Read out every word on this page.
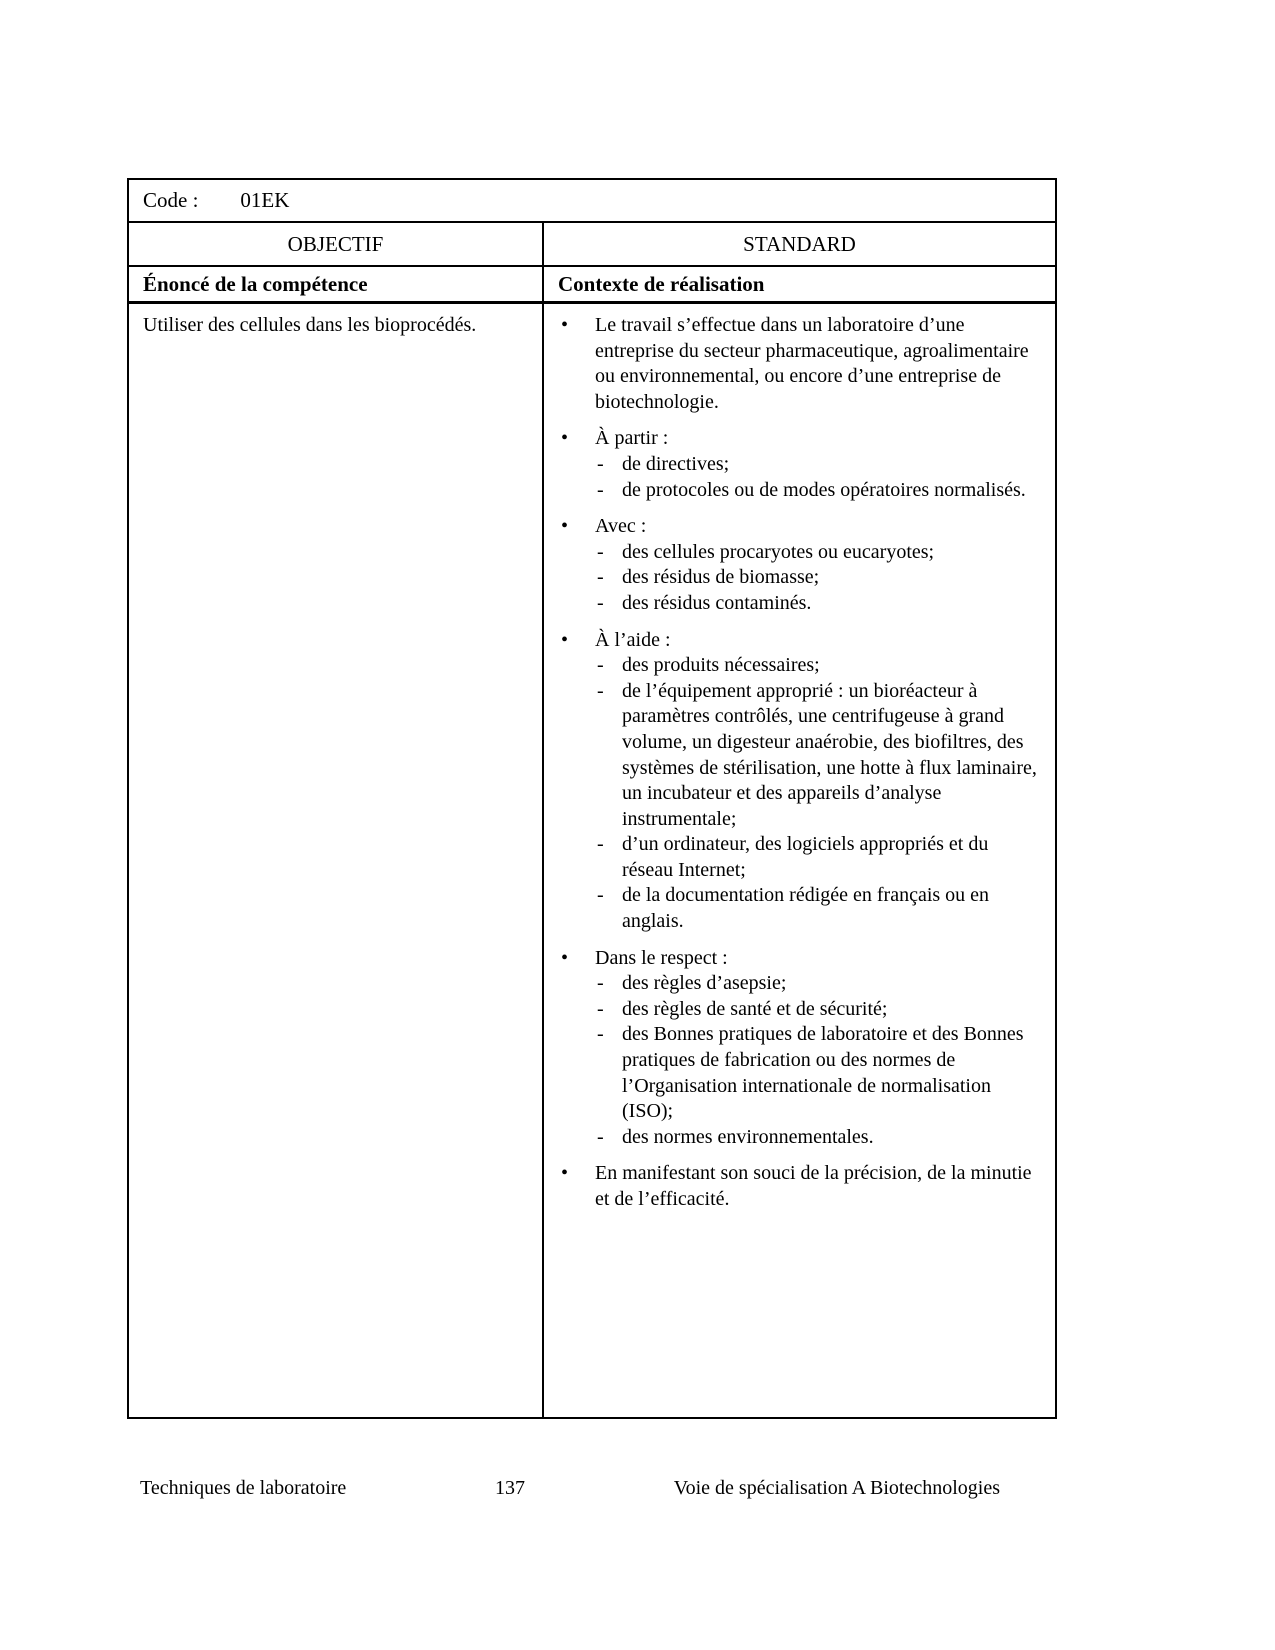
Code : 01EK
OBJECTIF	STANDARD
Énoncé de la compétence	Contexte de réalisation

Utiliser des cellules dans les bioprocédés.	•	Le travail s’effectue dans un laboratoire d’une entreprise du secteur pharmaceutique, agroalimentaire ou environnemental, ou encore d’une entreprise de biotechnologie.
•	À partir :
- de directives;
- de protocoles ou de modes opératoires normalisés.
•	Avec :
- des cellules procaryotes ou eucaryotes;
- des résidus de biomasse;
- des résidus contaminés.
•	À l’aide :
- des produits nécessaires;
- de l’équipement approprié : un bioréacteur à paramètres contrôlés, une centrifugeuse à grand volume, un digesteur anaérobie, des biofiltres, des systèmes de stérilisation, une hotte à flux laminaire, un incubateur et des appareils d’analyse instrumentale;
- d’un ordinateur, des logiciels appropriés et du réseau Internet;
- de la documentation rédigée en français ou en anglais.
•	Dans le respect :
- des règles d’asepsie;
- des règles de santé et de sécurité;
- des Bonnes pratiques de laboratoire et des Bonnes pratiques de fabrication ou des normes de l’Organisation internationale de normalisation (ISO);
- des normes environnementales.
•	En manifestant son souci de la précision, de la minutie et de l’efficacité.
Techniques de laboratoire	137	Voie de spécialisation A Biotechnologies
